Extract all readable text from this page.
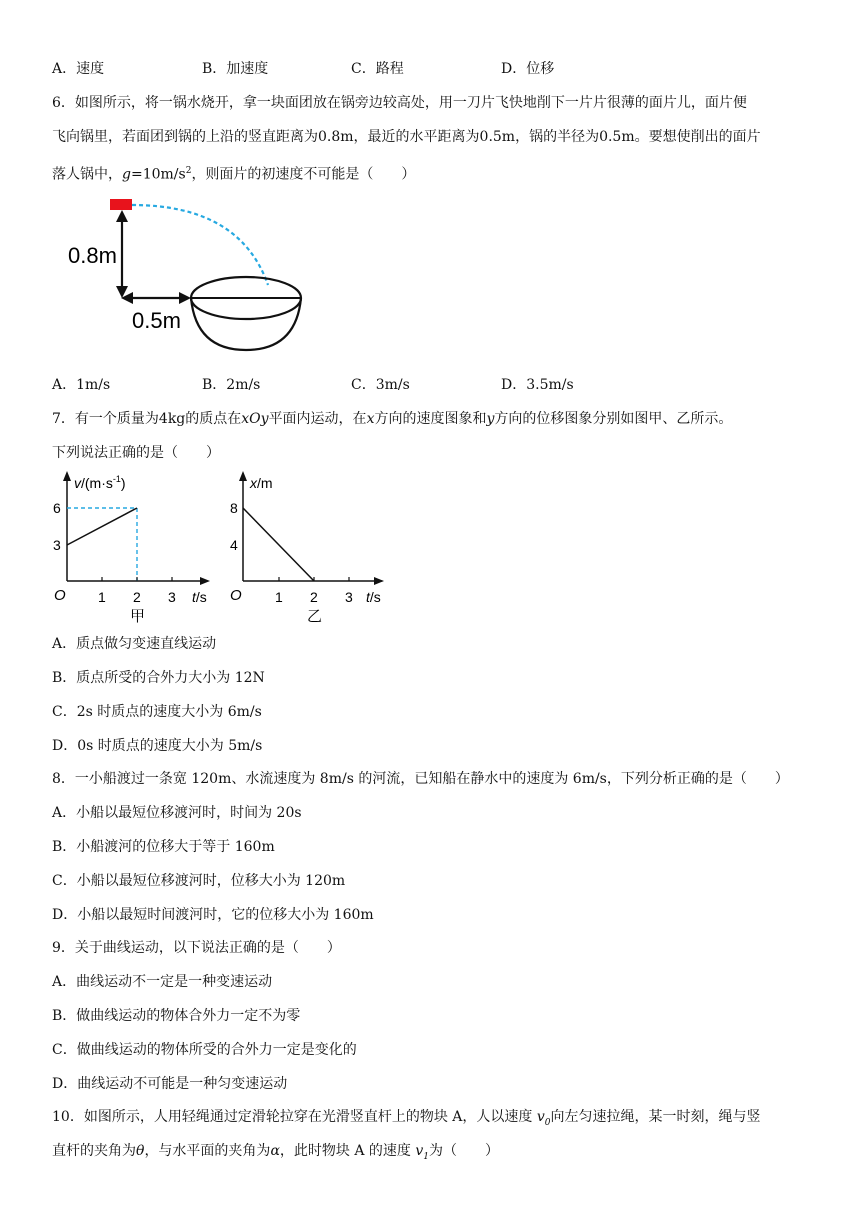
A．速度	B．加速度	C．路程	D．位移
6．如图所示，将一锅水烧开，拿一块面团放在锅旁边较高处，用一刀片飞快地削下一片片很薄的面片儿，面片便
飞向锅里，若面团到锅的上沿的竖直距离为0.8m，最近的水平距离为0.5m，锅的半径为0.5m。要想使削出的面片
落人锅中，$g=10m/s^2$，则面片的初速度不可能是（　　）
0.8m
0.5m
A．1m/s	B．2m/s	C．3m/s	D．3.5m/s
7．有一个质量为4kg的质点在xOy平面内运动，在x方向的速度图象和y方向的位移图象分别如图甲、乙所示。
下列说法正确的是（　　）
$v/(m\cdot s^{-1})$
6
3
O 1 2 3 t/s
甲
x/m
8
4
O 1 2 3 t/s
乙
A．质点做匀变速直线运动
B．质点所受的合外力大小为 12N
C．2s 时质点的速度大小为 6m/s
D．0s 时质点的速度大小为 5m/s
8．一小船渡过一条宽 120m、水流速度为 8m/s 的河流，已知船在静水中的速度为 6m/s，下列分析正确的是（　　）
A．小船以最短位移渡河时，时间为 20s
B．小船渡河的位移大于等于 160m
C．小船以最短位移渡河时，位移大小为 120m
D．小船以最短时间渡河时，它的位移大小为 160m
9．关于曲线运动，以下说法正确的是（　　）
A．曲线运动不一定是一种变速运动
B．做曲线运动的物体合外力一定不为零
C．做曲线运动的物体所受的合外力一定是变化的
D．曲线运动不可能是一种匀变速运动
10．如图所示，人用轻绳通过定滑轮拉穿在光滑竖直杆上的物块 A，人以速度 $v_0$向左匀速拉绳，某一时刻，绳与竖
直杆的夹角为θ，与水平面的夹角为α，此时物块 A 的速度 $v_1$为（　　）
